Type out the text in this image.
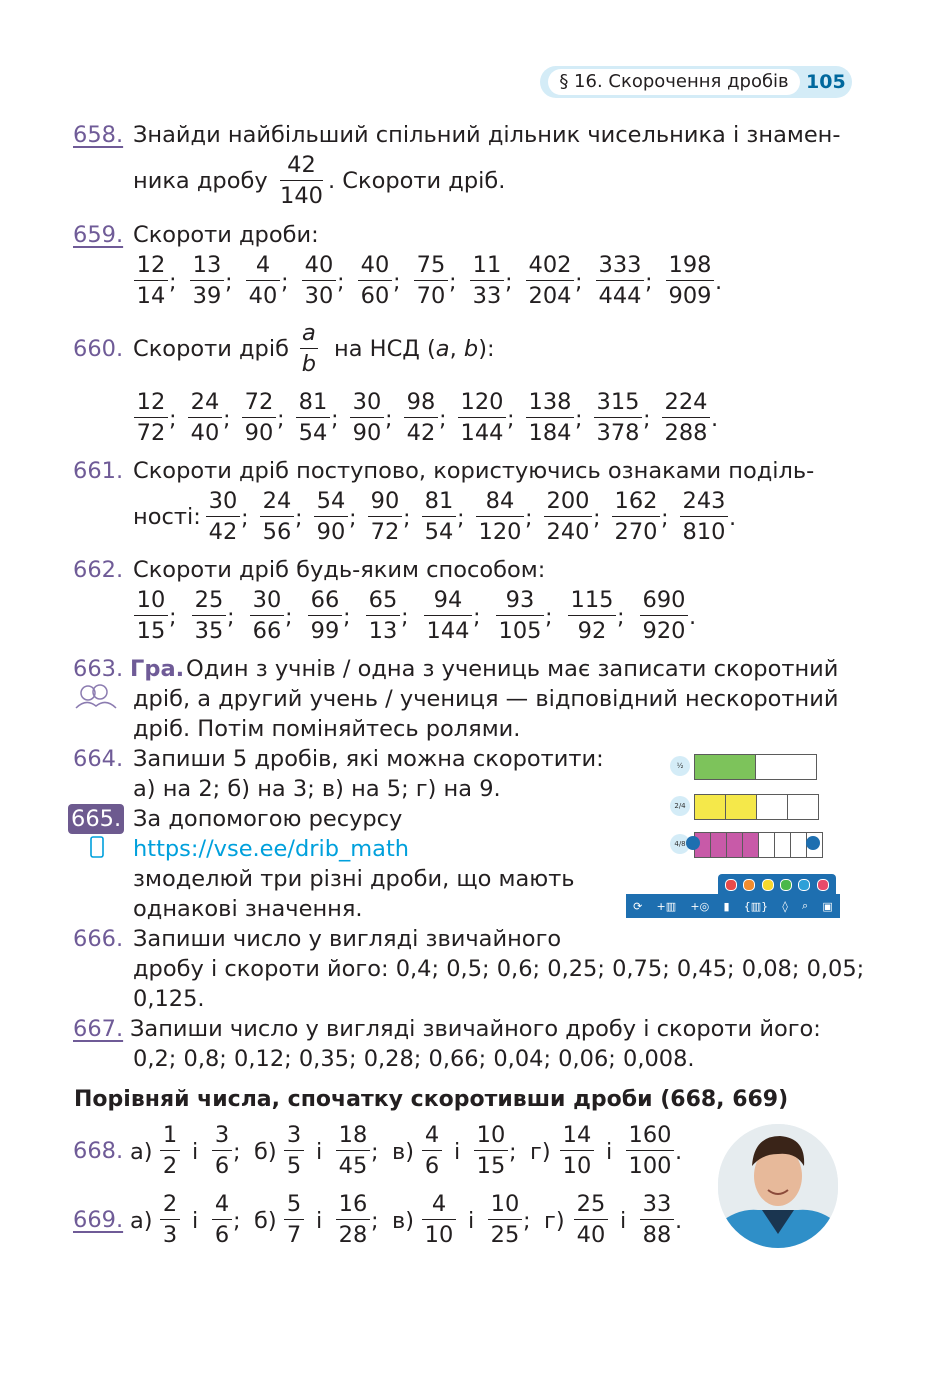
§ 16. Скорочення дробів 105
658. Знайди найбільший спільний дільник чисельника і знамен-
ника дробу $\frac{42}{140}$ . Скороти дріб.
659. Скороти дроби:
$\frac{12}{14}$ ; $\frac{13}{39}$ ; $\frac{4}{40}$ ; $\frac{40}{30}$ ; $\frac{40}{60}$ ; $\frac{75}{70}$ ; $\frac{11}{33}$ ; $\frac{402}{204}$ ; $\frac{333}{444}$ ; $\frac{198}{909}$ .
660. Скороти дріб $\frac{a}{b}$ на НСД (a, b):
$\frac{12}{72}$ ; $\frac{24}{40}$ ; $\frac{72}{90}$ ; $\frac{81}{54}$ ; $\frac{30}{90}$ ; $\frac{98}{42}$ ; $\frac{120}{144}$ ; $\frac{138}{184}$ ; $\frac{315}{378}$ ; $\frac{224}{288}$ .
661. Скороти дріб поступово, користуючись ознаками поділь-
ності: $\frac{30}{42}$ ; $\frac{24}{56}$ ; $\frac{54}{90}$ ; $\frac{90}{72}$ ; $\frac{81}{54}$ ; $\frac{84}{120}$ ; $\frac{200}{240}$ ; $\frac{162}{270}$ ; $\frac{243}{810}$ .
662. Скороти дріб будь-яким способом:
$\frac{10}{15}$ ; $\frac{25}{35}$ ; $\frac{30}{66}$ ; $\frac{66}{99}$ ; $\frac{65}{13}$ ; $\frac{94}{144}$ ; $\frac{93}{105}$ ; $\frac{115}{92}$ ; $\frac{690}{920}$ .
663. Гра. Один з учнів / одна з учениць має записати скоротний
дріб, а другий учень / учениця — відповідний нескоротний
дріб. Потім поміняйтесь ролями.
664. Запиши 5 дробів, які можна скоротити:
а) на 2; б) на 3; в) на 5; г) на 9.
665. За допомогою ресурсу
https://vse.ee/drib_math
змоделюй три різні дроби, що мають
однакові значення.
½
2/4
4/8
⟳ +▥ +◎ ▮ {▥} ◊ ⌕ ▣
666. Запиши число у вигляді звичайного
дробу і скороти його: 0,4; 0,5; 0,6; 0,25; 0,75; 0,45; 0,08; 0,05;
0,125.
667. Запиши число у вигляді звичайного дробу і скороти його:
0,2; 0,8; 0,12; 0,35; 0,28; 0,66; 0,04; 0,06; 0,008.
Порівняй числа, спочатку скоротивши дроби (668, 669)
668. $а) \frac{1}{2}$ і $\frac{3}{6}$ ; $б) \frac{3}{5}$ і $\frac{18}{45}$ ; $в) \frac{4}{6}$ і $\frac{10}{15}$ ; $г) \frac{14}{10}$ і $\frac{160}{100}$ .
669. $а) \frac{2}{3}$ і $\frac{4}{6}$ ; $б) \frac{5}{7}$ і $\frac{16}{28}$ ; $в) \frac{4}{10}$ і $\frac{10}{25}$ ; $г) \frac{25}{40}$ і $\frac{33}{88}$ .
